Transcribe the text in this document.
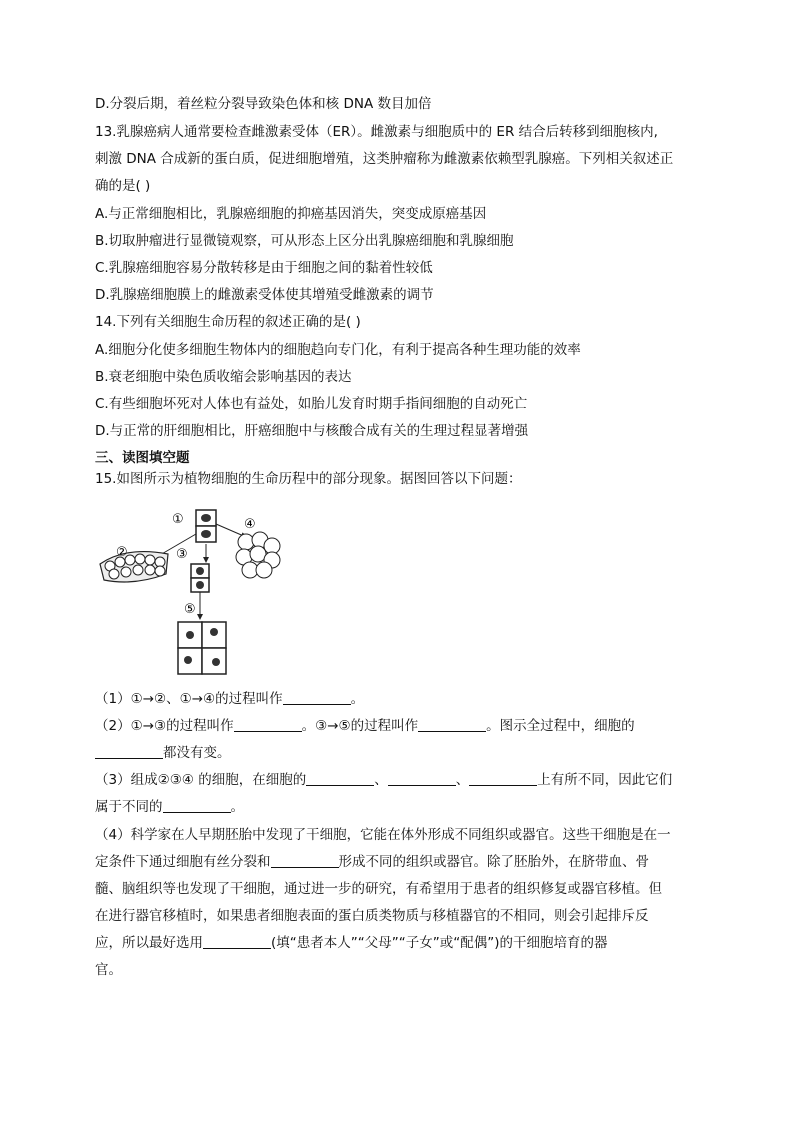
D.分裂后期，着丝粒分裂导致染色体和核 DNA 数目加倍
13.乳腺癌病人通常要检查雌激素受体（ER）。雌激素与细胞质中的 ER 结合后转移到细胞核内,
刺激 DNA 合成新的蛋白质，促进细胞增殖，这类肿瘤称为雌激素依赖型乳腺癌。下列相关叙述正
确的是( )
A.与正常细胞相比，乳腺癌细胞的抑癌基因消失，突变成原癌基因
B.切取肿瘤进行显微镜观察，可从形态上区分出乳腺癌细胞和乳腺细胞
C.乳腺癌细胞容易分散转移是由于细胞之间的黏着性较低
D.乳腺癌细胞膜上的雌激素受体使其增殖受雌激素的调节
14.下列有关细胞生命历程的叙述正确的是( )
A.细胞分化使多细胞生物体内的细胞趋向专门化，有利于提高各种生理功能的效率
B.衰老细胞中染色质收缩会影响基因的表达
C.有些细胞坏死对人体也有益处，如胎儿发育时期手指间细胞的自动死亡
D.与正常的肝细胞相比，肝癌细胞中与核酸合成有关的生理过程显著增强
三、读图填空题
15.如图所示为植物细胞的生命历程中的部分现象。据图回答以下问题：
①
②	③
④
⑤
（1）①→②、①→④的过程叫作	。
（2）①→③的过程叫作	。③→⑤的过程叫作	。图示全过程中，细胞的
都没有变。
（3）组成②③④ 的细胞，在细胞的	、	、	上有所不同，因此它们
属于不同的	。
（4）科学家在人早期胚胎中发现了干细胞，它能在体外形成不同组织或器官。这些干细胞是在一
定条件下通过细胞有丝分裂和	形成不同的组织或器官。除了胚胎外，在脐带血、骨
髓、脑组织等也发现了干细胞，通过进一步的研究，有希望用于患者的组织修复或器官移植。但
在进行器官移植时，如果患者细胞表面的蛋白质类物质与移植器官的不相同，则会引起排斥反
应，所以最好选用	(填“患者本人”“父母”“子女”或“配偶”)的干细胞培育的器
官。
